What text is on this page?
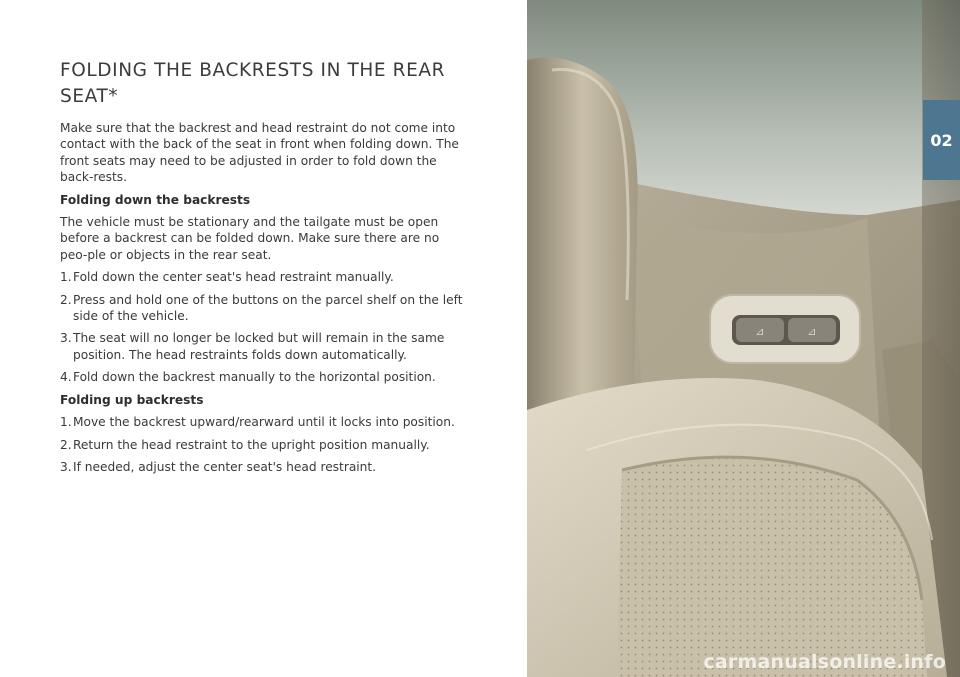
FOLDING THE BACKRESTS IN THE REAR SEAT*

Make sure that the backrest and head restraint do not come into contact with the back of the seat in front when folding down. The front seats may need to be adjusted in order to fold down the back-rests.

Folding down the backrests

The vehicle must be stationary and the tailgate must be open before a backrest can be folded down. Make sure there are no peo-ple or objects in the rear seat.

1.Fold down the center seat's head restraint manually.
2.Press and hold one of the buttons on the parcel shelf on the left side of the vehicle.
3.The seat will no longer be locked but will remain in the same position. The head restraints folds down automatically.
4.Fold down the backrest manually to the horizontal position.

Folding up backrests

1.Move the backrest upward/rearward until it locks into position.
2.Return the head restraint to the upright position manually.
3.If needed, adjust the center seat's head restraint.
⊿	⊿
02
carmanualsonline.info
